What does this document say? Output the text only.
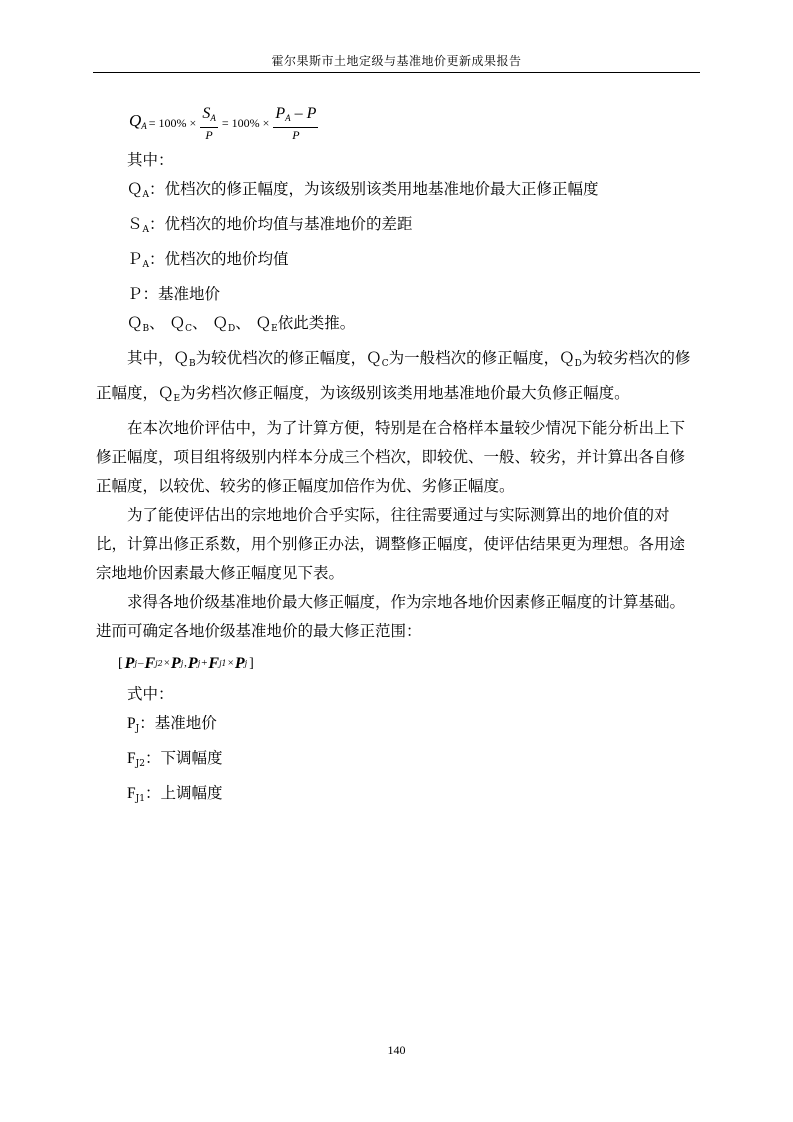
霍尔果斯市土地定级与基准地价更新成果报告
$Q_A = 100\% \times \frac{S_A}{P} = 100\% \times \frac{P_A - P}{P}$

其中：

Ｑ$_A$：优档次的修正幅度，为该级别该类用地基准地价最大正修正幅度

Ｓ$_A$：优档次的地价均值与基准地价的差距

Ｐ$_A$：优档次的地价均值

Ｐ：基准地价

Ｑ$_B$、 Ｑ$_C$、 Ｑ$_D$、 Ｑ$_E$依此类推。

其中，Ｑ$_B$为较优档次的修正幅度，Ｑ$_C$为一般档次的修正幅度，Ｑ$_D$为较劣档次的修正幅度，Ｑ$_E$为劣档次修正幅度，为该级别该类用地基准地价最大负修正幅度。

在本次地价评估中，为了计算方便，特别是在合格样本量较少情况下能分析出上下修正幅度，项目组将级别内样本分成三个档次，即较优、一般、较劣，并计算出各自修正幅度，以较优、较劣的修正幅度加倍作为优、劣修正幅度。

为了能使评估出的宗地地价合乎实际，往往需要通过与实际测算出的地价值的对比，计算出修正系数，用个别修正办法，调整修正幅度，使评估结果更为理想。各用途宗地地价因素最大修正幅度见下表。

求得各地价级基准地价最大修正幅度，作为宗地各地价因素修正幅度的计算基础。进而可确定各地价级基准地价的最大修正范围：

[ P j – F j2 × P j , P j + F j1 × P j ]

式中：

$P_J$：基准地价

$F_{J2}$：下调幅度

$F_{J1}$：上调幅度

140
